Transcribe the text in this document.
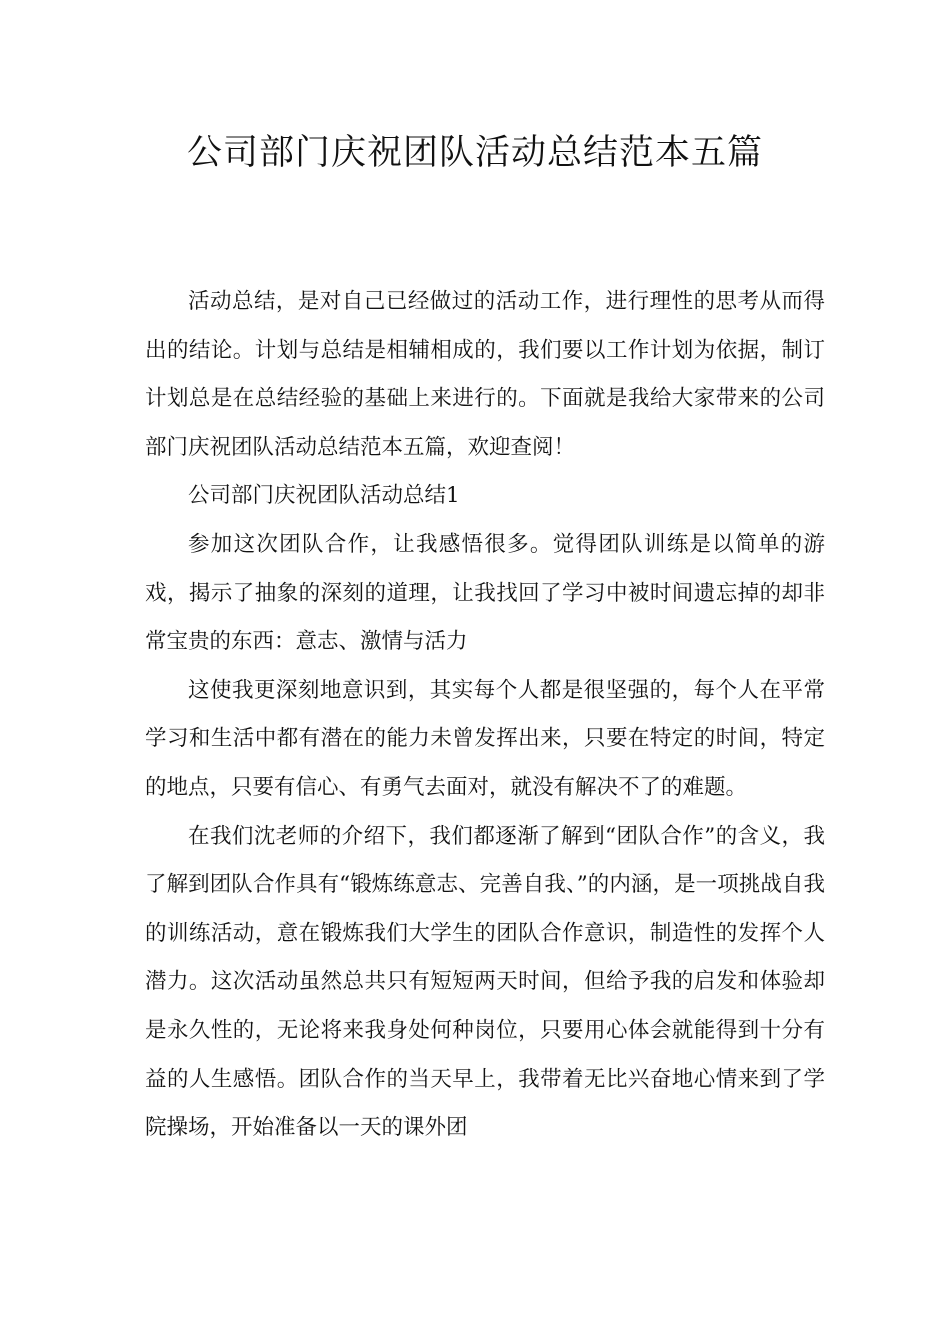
公司部门庆祝团队活动总结范本五篇

活动总结，是对自己已经做过的活动工作，进行理性的思考从而得出的结论。计划与总结是相辅相成的，我们要以工作计划为依据，制订计划总是在总结经验的基础上来进行的。下面就是我给大家带来的公司部门庆祝团队活动总结范本五篇，欢迎查阅！

公司部门庆祝团队活动总结1

参加这次团队合作，让我感悟很多。觉得团队训练是以简单的游戏，揭示了抽象的深刻的道理，让我找回了学习中被时间遗忘掉的却非常宝贵的东西：意志、激情与活力

这使我更深刻地意识到，其实每个人都是很坚强的，每个人在平常学习和生活中都有潜在的能力未曾发挥出来，只要在特定的时间，特定的地点，只要有信心、有勇气去面对，就没有解决不了的难题。

在我们沈老师的介绍下，我们都逐渐了解到“团队合作”的含义，我了解到团队合作具有“锻炼练意志、完善自我、”的内涵，是一项挑战自我的训练活动，意在锻炼我们大学生的团队合作意识，制造性的发挥个人潜力。这次活动虽然总共只有短短两天时间，但给予我的启发和体验却是永久性的，无论将来我身处何种岗位，只要用心体会就能得到十分有益的人生感悟。团队合作的当天早上，我带着无比兴奋地心情来到了学院操场，开始准备以一天的课外团
